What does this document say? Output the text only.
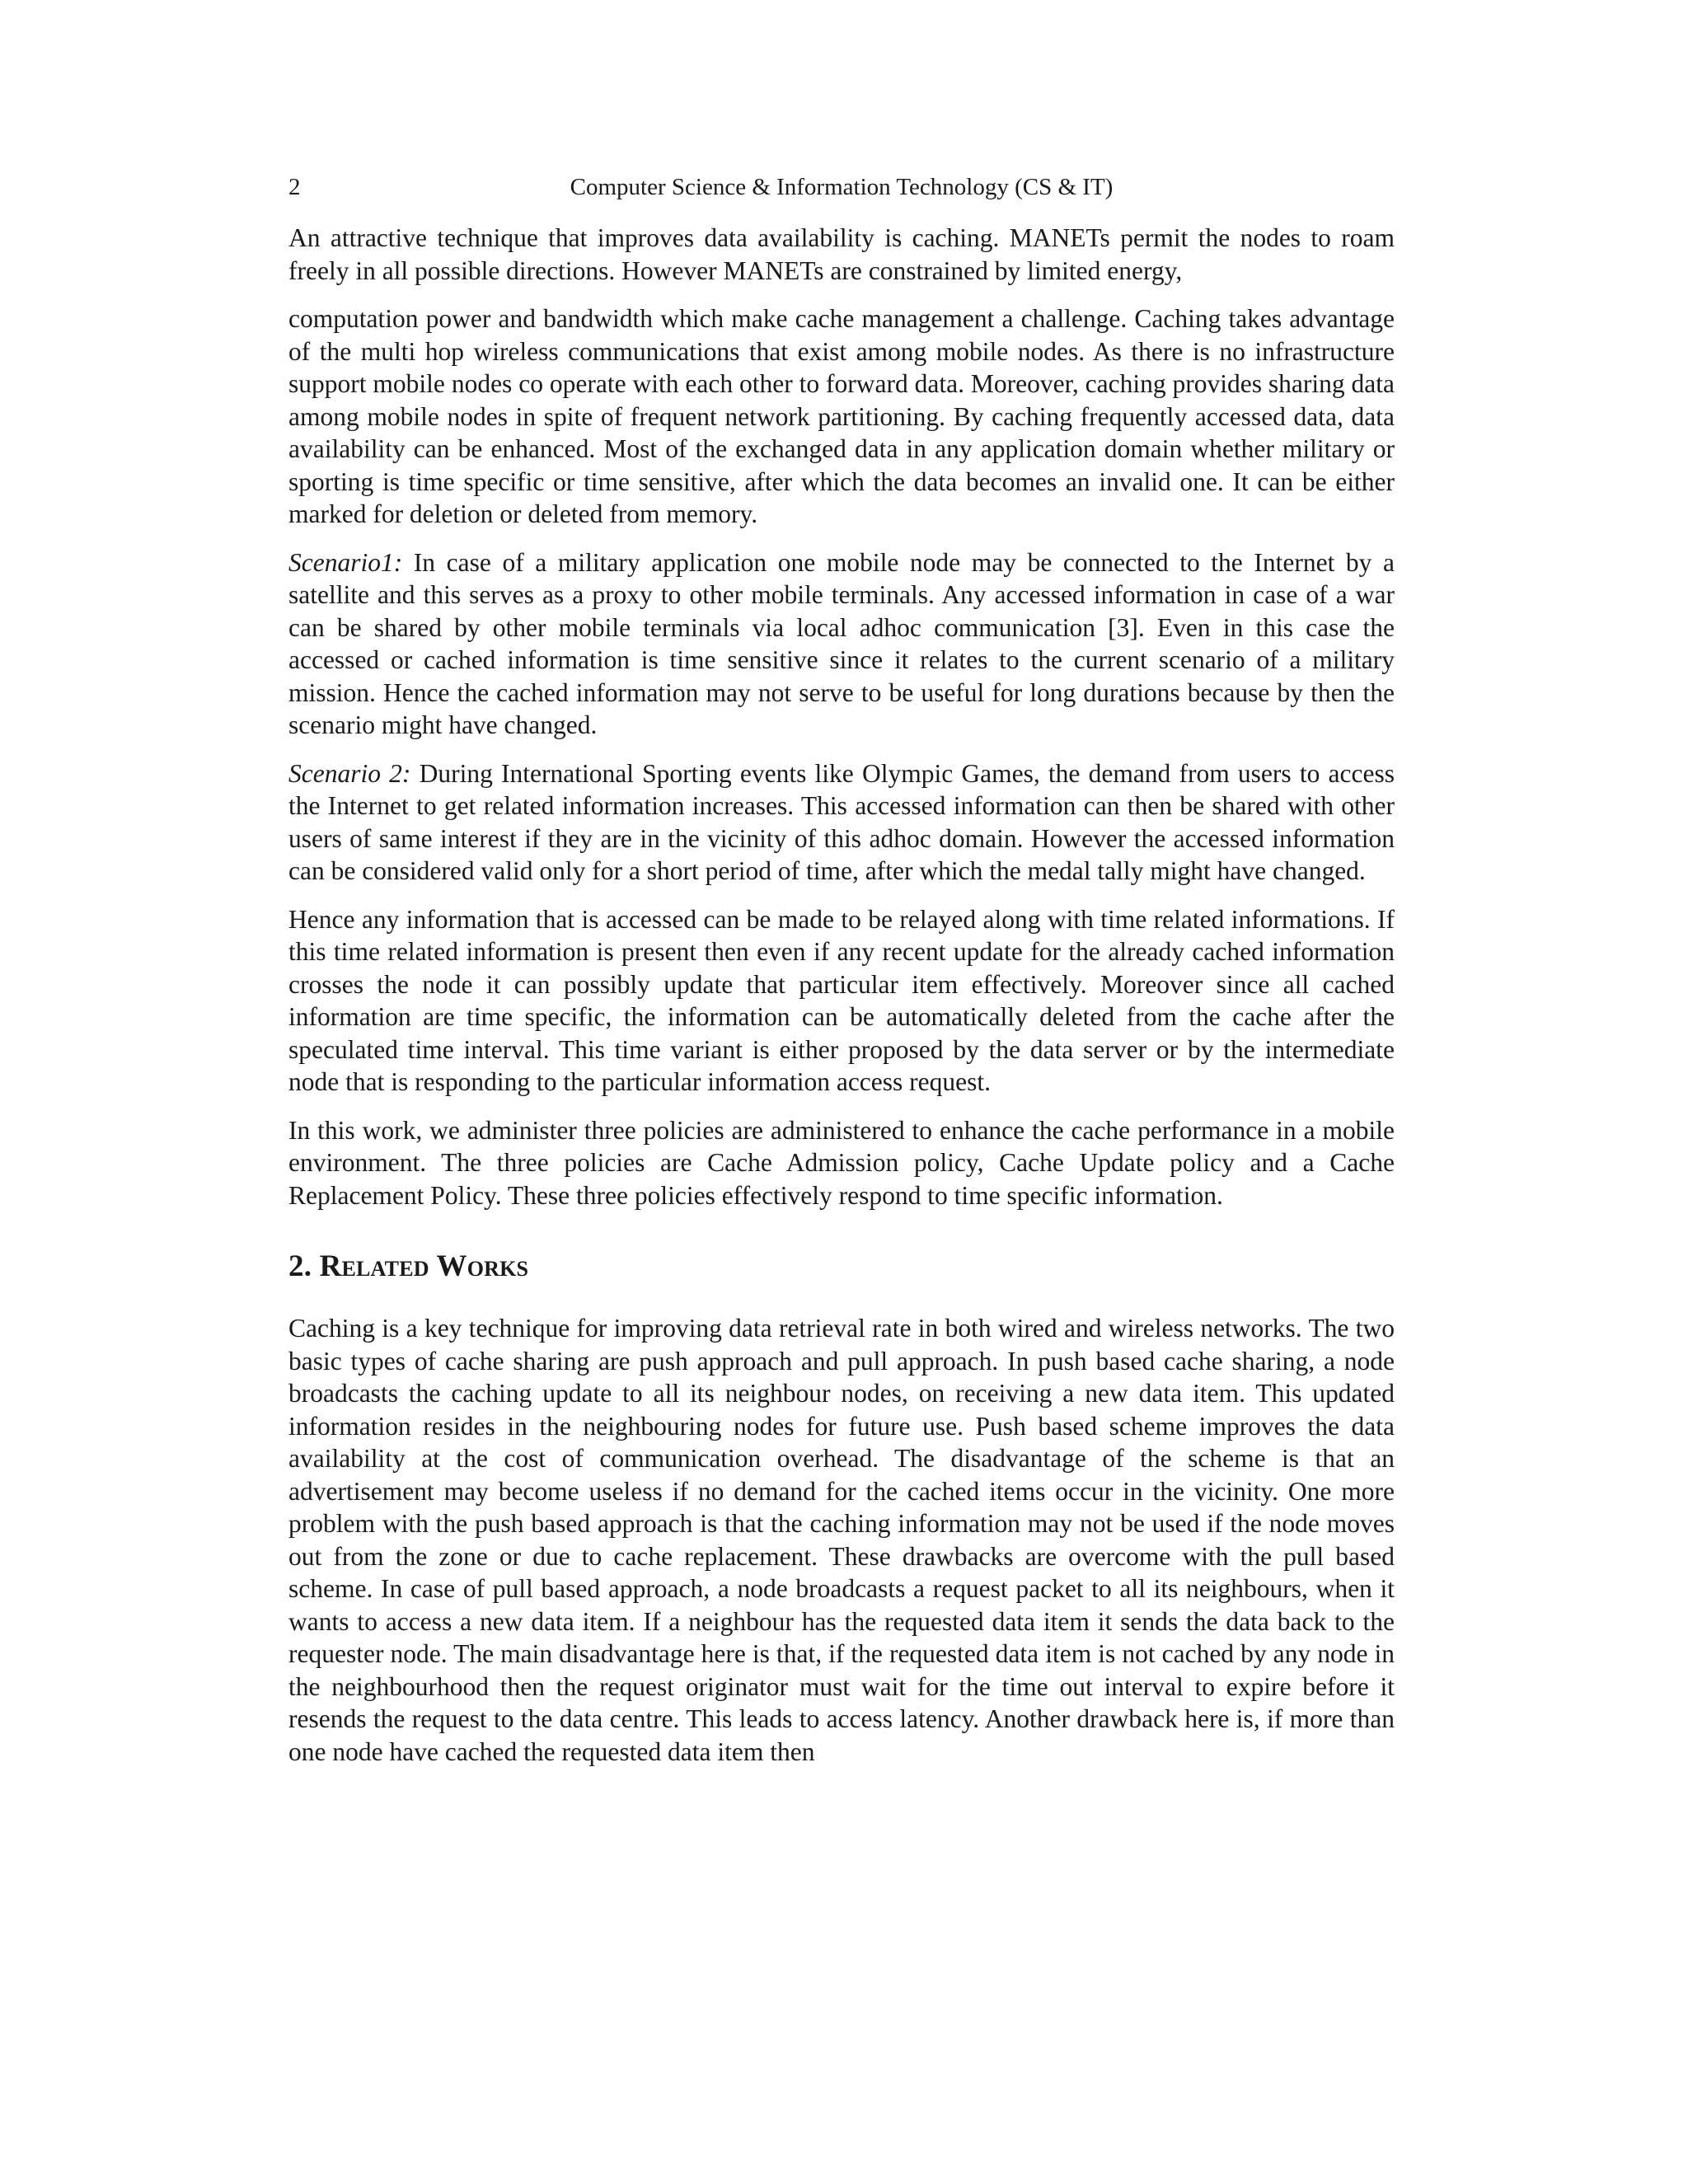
2	Computer Science & Information Technology (CS & IT)

An attractive technique that improves data availability is caching. MANETs permit the nodes to roam freely in all possible directions. However MANETs are constrained by limited energy,

computation power and bandwidth which make cache management a challenge. Caching takes advantage of the multi hop wireless communications that exist among mobile nodes. As there is no infrastructure support mobile nodes co operate with each other to forward data. Moreover, caching provides sharing data among mobile nodes in spite of frequent network partitioning. By caching frequently accessed data, data availability can be enhanced. Most of the exchanged data in any application domain whether military or sporting is time specific or time sensitive, after which the data becomes an invalid one. It can be either marked for deletion or deleted from memory.

Scenario1: In case of a military application one mobile node may be connected to the Internet by a satellite and this serves as a proxy to other mobile terminals. Any accessed information in case of a war can be shared by other mobile terminals via local adhoc communication [3]. Even in this case the accessed or cached information is time sensitive since it relates to the current scenario of a military mission. Hence the cached information may not serve to be useful for long durations because by then the scenario might have changed.

Scenario 2: During International Sporting events like Olympic Games, the demand from users to access the Internet to get related information increases. This accessed information can then be shared with other users of same interest if they are in the vicinity of this adhoc domain. However the accessed information can be considered valid only for a short period of time, after which the medal tally might have changed.

Hence any information that is accessed can be made to be relayed along with time related informations. If this time related information is present then even if any recent update for the already cached information crosses the node it can possibly update that particular item effectively. Moreover since all cached information are time specific, the information can be automatically deleted from the cache after the speculated time interval. This time variant is either proposed by the data server or by the intermediate node that is responding to the particular information access request.

In this work, we administer three policies are administered to enhance the cache performance in a mobile environment. The three policies are Cache Admission policy, Cache Update policy and a Cache Replacement Policy. These three policies effectively respond to time specific information.

2. Related Works

Caching is a key technique for improving data retrieval rate in both wired and wireless networks. The two basic types of cache sharing are push approach and pull approach. In push based cache sharing, a node broadcasts the caching update to all its neighbour nodes, on receiving a new data item. This updated information resides in the neighbouring nodes for future use. Push based scheme improves the data availability at the cost of communication overhead. The disadvantage of the scheme is that an advertisement may become useless if no demand for the cached items occur in the vicinity. One more problem with the push based approach is that the caching information may not be used if the node moves out from the zone or due to cache replacement. These drawbacks are overcome with the pull based scheme. In case of pull based approach, a node broadcasts a request packet to all its neighbours, when it wants to access a new data item. If a neighbour has the requested data item it sends the data back to the requester node. The main disadvantage here is that, if the requested data item is not cached by any node in the neighbourhood then the request originator must wait for the time out interval to expire before it resends the request to the data centre. This leads to access latency. Another drawback here is, if more than one node have cached the requested data item then
